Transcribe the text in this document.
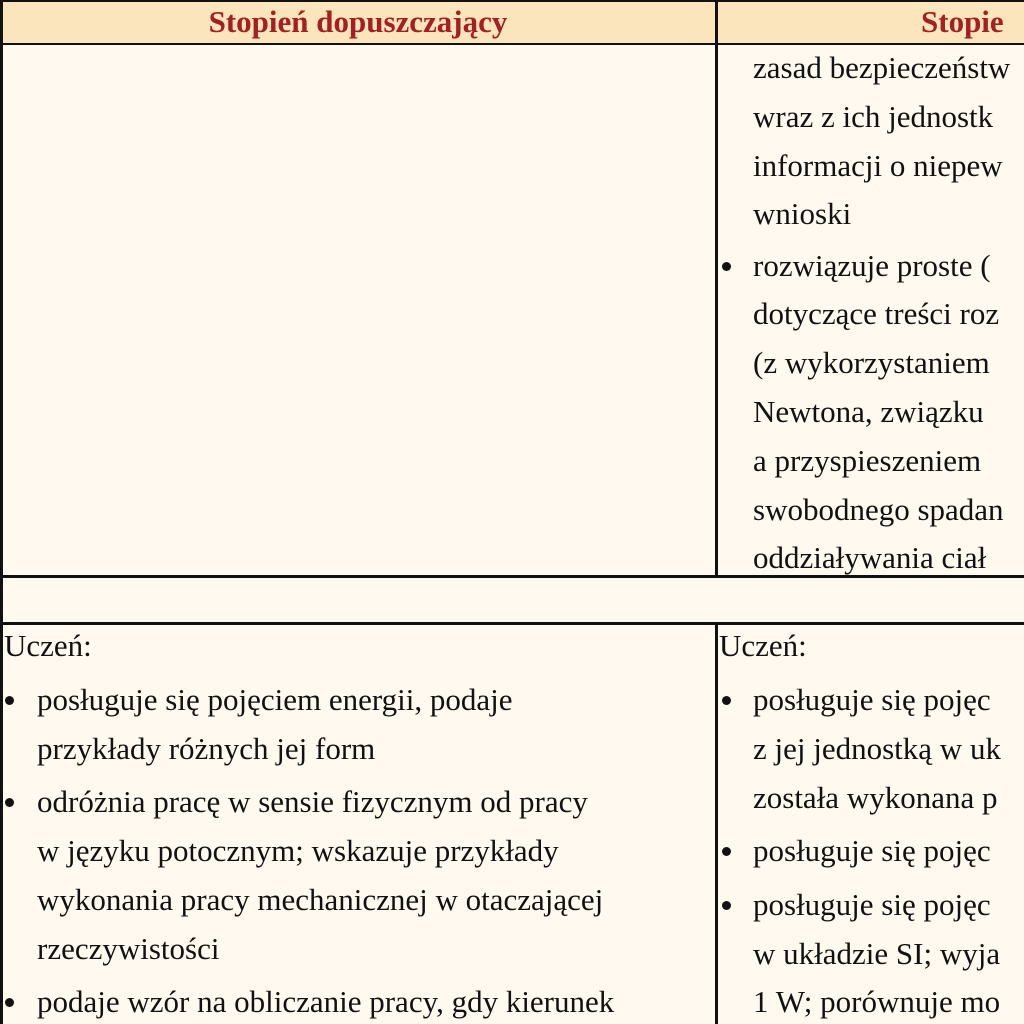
Stopień dopuszczający	Stopie
zasad bezpieczeństw
wraz z ich jednostk
informacji o niepew
wnioski
rozwiązuje proste (
dotyczące treści roz
(z wykorzystaniem
Newtona, związku
a przyspieszeniem
swobodnego spadan
oddziaływania ciał
Uczeń:
posługuje się pojęciem energii, podaje
przykłady różnych jej form
odróżnia pracę w sensie fizycznym od pracy
w języku potocznym; wskazuje przykłady
wykonania pracy mechanicznej w otaczającej
rzeczywistości
podaje wzór na obliczanie pracy, gdy kierunek
Uczeń:
posługuje się pojęc
z jej jednostką w uk
została wykonana p
posługuje się pojęc
posługuje się pojęc
w układzie SI; wyja
1 W; porównuje mo
